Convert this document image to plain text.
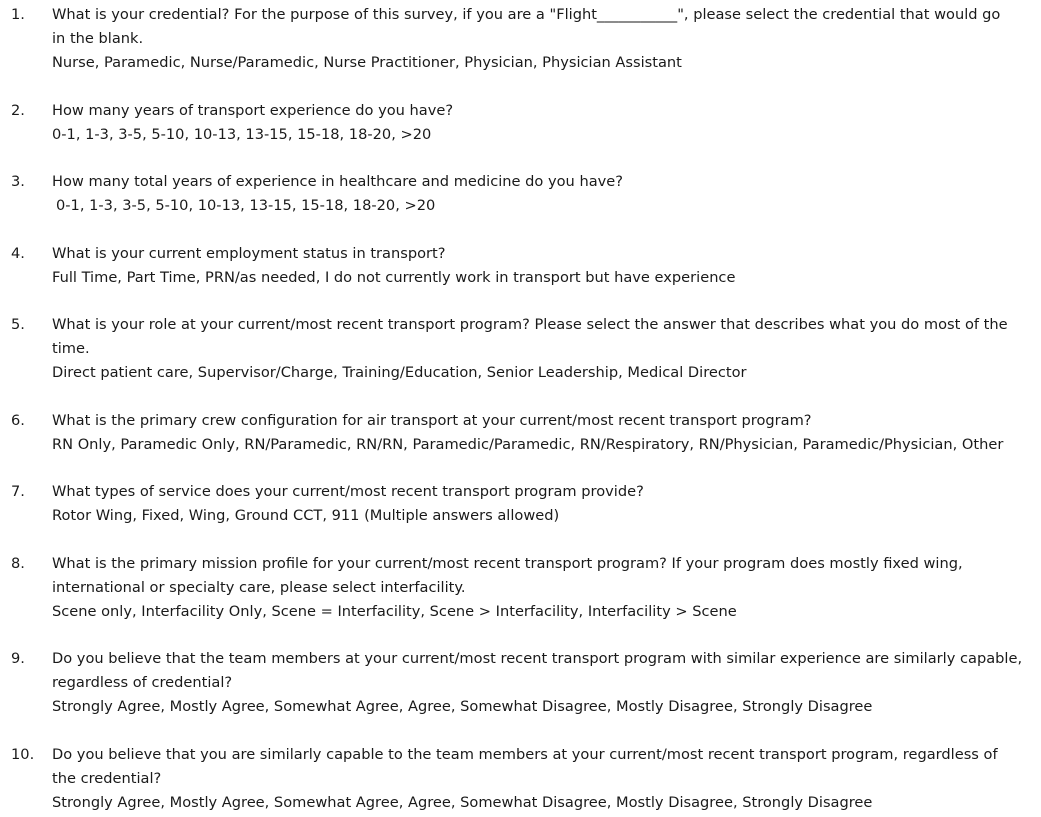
1. What is your credential? For the purpose of this survey, if you are a "Flight___________", please select the credential that would go
in the blank.
Nurse, Paramedic, Nurse/Paramedic, Nurse Practitioner, Physician, Physician Assistant
2. How many years of transport experience do you have?
0-1, 1-3, 3-5, 5-10, 10-13, 13-15, 15-18, 18-20, >20
3. How many total years of experience in healthcare and medicine do you have?
0-1, 1-3, 3-5, 5-10, 10-13, 13-15, 15-18, 18-20, >20
4. What is your current employment status in transport?
Full Time, Part Time, PRN/as needed, I do not currently work in transport but have experience
5. What is your role at your current/most recent transport program? Please select the answer that describes what you do most of the
time.
Direct patient care, Supervisor/Charge, Training/Education, Senior Leadership, Medical Director
6. What is the primary crew configuration for air transport at your current/most recent transport program?
RN Only, Paramedic Only, RN/Paramedic, RN/RN, Paramedic/Paramedic, RN/Respiratory, RN/Physician, Paramedic/Physician, Other
7. What types of service does your current/most recent transport program provide?
Rotor Wing, Fixed, Wing, Ground CCT, 911 (Multiple answers allowed)
8. What is the primary mission profile for your current/most recent transport program? If your program does mostly fixed wing,
international or specialty care, please select interfacility.
Scene only, Interfacility Only, Scene = Interfacility, Scene > Interfacility, Interfacility > Scene
9. Do you believe that the team members at your current/most recent transport program with similar experience are similarly capable,
regardless of credential?
Strongly Agree, Mostly Agree, Somewhat Agree, Agree, Somewhat Disagree, Mostly Disagree, Strongly Disagree
10. Do you believe that you are similarly capable to the team members at your current/most recent transport program, regardless of
the credential?
Strongly Agree, Mostly Agree, Somewhat Agree, Agree, Somewhat Disagree, Mostly Disagree, Strongly Disagree
